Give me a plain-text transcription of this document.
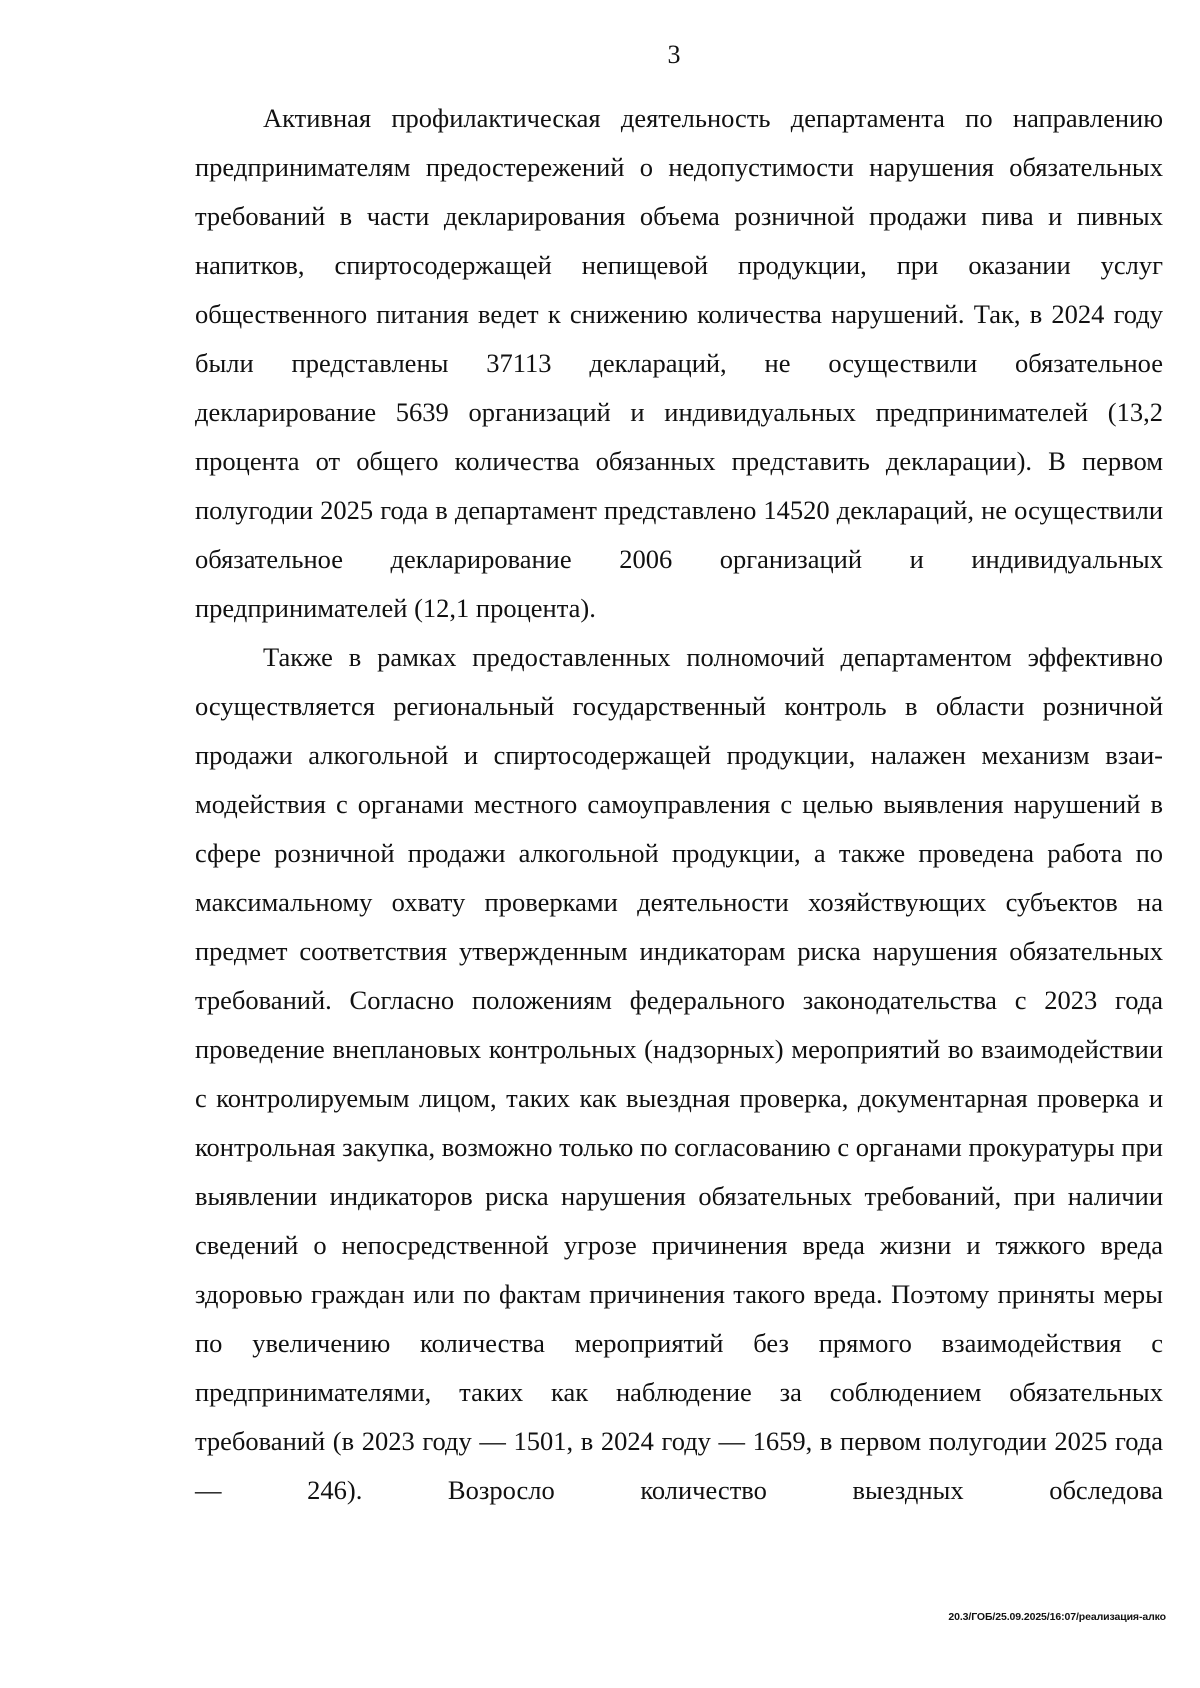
3

Активная профилактическая деятельность департамента по направлению предпринимателям предостережений о недопустимости нарушения обязательных требований в части декларирования объема розничной продажи пива и пивных напитков, спиртосодержащей непищевой продукции, при оказании услуг общественного питания ведет к снижению количества нарушений. Так, в 2024 году были представлены 37113 деклараций, не осуществили обязательное декларирование 5639 организаций и индивидуальных предпринимателей (13,2 процента от общего количества обязанных представить декларации). В первом полугодии 2025 года в департамент представлено 14520 деклараций, не осуществили обязательное декларирование 2006 организаций и индивидуальных предпринимателей (12,1 процента).

Также в рамках предоставленных полномочий департаментом эффективно осуществляется региональный государственный контроль в области розничной продажи алкогольной и спиртосодержащей продукции, налажен механизм взаимодействия с органами местного самоуправления с целью выявления нарушений в сфере розничной продажи алкогольной продукции, а также проведена работа по максимальному охвату проверками деятельности хозяйствующих субъектов на предмет соответствия утвержденным индикаторам риска нарушения обязательных требований. Согласно положениям федерального законодательства с 2023 года проведение внеплановых контрольных (надзорных) мероприятий во взаимодействии с контролируемым лицом, таких как выездная проверка, документарная проверка и контрольная закупка, возможно только по согласованию с органами прокуратуры при выявлении индикаторов риска нарушения обязательных требований, при наличии сведений о непосредственной угрозе причинения вреда жизни и тяжкого вреда здоровью граждан или по фактам причинения такого вреда. Поэтому приняты меры по увеличению количества мероприятий без прямого взаимодействия с предпринимателями, таких как наблюдение за соблюдением обязательных требований (в 2023 году — 1501, в 2024 году — 1659, в первом полугодии 2025 года — 246). Возросло количество выездных обследова

20.3/ГОБ/25.09.2025/16:07/реализация-алко
